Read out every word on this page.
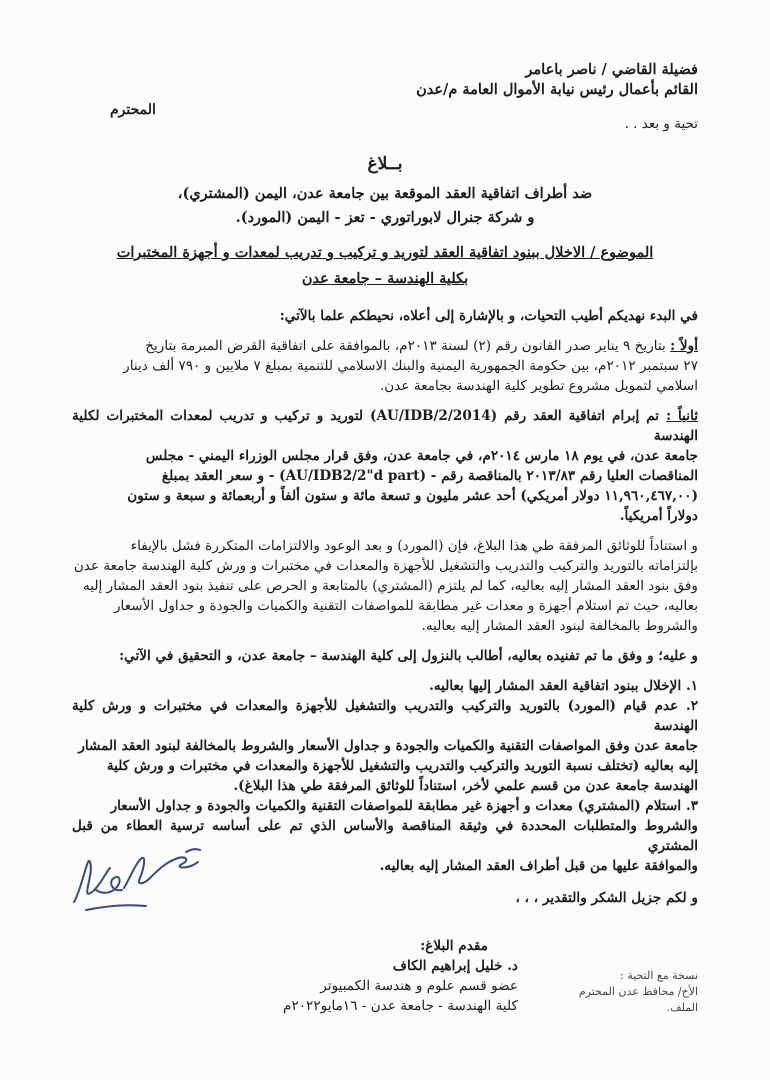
فضيلة القاضي / ناصر باعامر
القائم بأعمال رئيس نيابة الأموال العامة م/عدن
المحترم
تحية و بعد . .
بــلاغ
ضد أطراف اتفاقية العقد الموقعة بين جامعة عدن، اليمن (المشتري)،
و شركة جنرال لابوراتوري - تعز - اليمن (المورد).
الموضوع / الاخلال ببنود اتفاقية العقد لتوريد و تركيب و تدريب لمعدات و أجهزة المختبرات
بكلية الهندسة – جامعة عدن
في البدء نهديكم أطيب التحيات، و بالإشارة إلى أعلاه، نحيطكم علما بالآتي:
أولاً : بتاريخ ٩ يناير صدر القانون رقم (٢) لسنة ٢٠١٣م، بالموافقة على اتفاقية القرض المبرمة بتاريخ
٢٧ سبتمبر ٢٠١٢م، بين حكومة الجمهورية اليمنية والبنك الاسلامي للتنمية بمبلغ ٧ ملايين و ٧٩٠ ألف دينار
اسلامي لتمويل مشروع تطوير كلية الهندسة بجامعة عدن.
ثانياً : تم إبرام اتفاقية العقد رقم (AU/IDB/2/2014) لتوريد و تركيب و تدريب لمعدات المختبرات لكلية الهندسة
جامعة عدن، في يوم ١٨ مارس ٢٠١٤م، في جامعة عدن، وفق قرار مجلس الوزراء اليمني - مجلس
المناقصات العليا رقم ٢٠١٣/٨٣ بالمناقصة رقم - (AU/IDB2/2"d part) - و سعر العقد بمبلغ
(١١,٩٦٠,٤٦٧,٠٠ دولار أمريكي) أحد عشر مليون و تسعة مائة و ستون ألفاً و أربعمائة و سبعة و ستون
دولاراً أمريكياً.
و استناداً للوثائق المرفقة طي هذا البلاغ، فإن (المورد) و بعد الوعود والالتزامات المتكررة فشل بالإيفاء
بإلتزاماته بالتوريد والتركيب والتدريب والتشغيل للأجهزة والمعدات في مختبرات و ورش كلية الهندسة جامعة عدن
وفق بنود العقد المشار إليه بعاليه، كما لم يلتزم (المشتري) بالمتابعة و الحرص على تنفيذ بنود العقد المشار إليه
بعاليه، حيث تم استلام أجهزة و معدات غير مطابقة للمواصفات التقنية والكميات والجودة و جداول الأسعار
والشروط بالمخالفة لبنود العقد المشار إليه بعاليه.
و عليه؛ و وفق ما تم تفنيده بعاليه، أطالب بالنزول إلى كلية الهندسة – جامعة عدن، و التحقيق في الآتي:
١. الإخلال ببنود اتفاقية العقد المشار إليها بعاليه.
٢. عدم قيام (المورد) بالتوريد والتركيب والتدريب والتشغيل للأجهزة والمعدات في مختبرات و ورش كلية الهندسة
جامعة عدن وفق المواصفات التقنية والكميات والجودة و جداول الأسعار والشروط بالمخالفة لبنود العقد المشار
إليه بعاليه (تختلف نسبة التوريد والتركيب والتدريب والتشغيل للأجهزة والمعدات في مختبرات و ورش كلية
الهندسة جامعة عدن من قسم علمي لأخر، استناداً للوثائق المرفقة طي هذا البلاغ).
٣. استلام (المشتري) معدات و أجهزة غير مطابقة للمواصفات التقنية والكميات والجودة و جداول الأسعار
والشروط والمتطلبات المحددة في وثيقة المناقصة والأساس الذي تم على أساسه ترسية العطاء من قبل المشتري
والموافقة عليها من قبل أطراف العقد المشار إليه بعاليه.
و لكم جزيل الشكر والتقدير ، ، ،
مقدم البلاغ:
د. خليل إبراهيم الكاف
عضو قسم علوم و هندسة الكمبيوتر
كلية الهندسة - جامعة عدن - ١٦مايو٢٠٢٢م
نسخة مع التحية :
الأخ/ محافظ عدن المحترم
الملف.
